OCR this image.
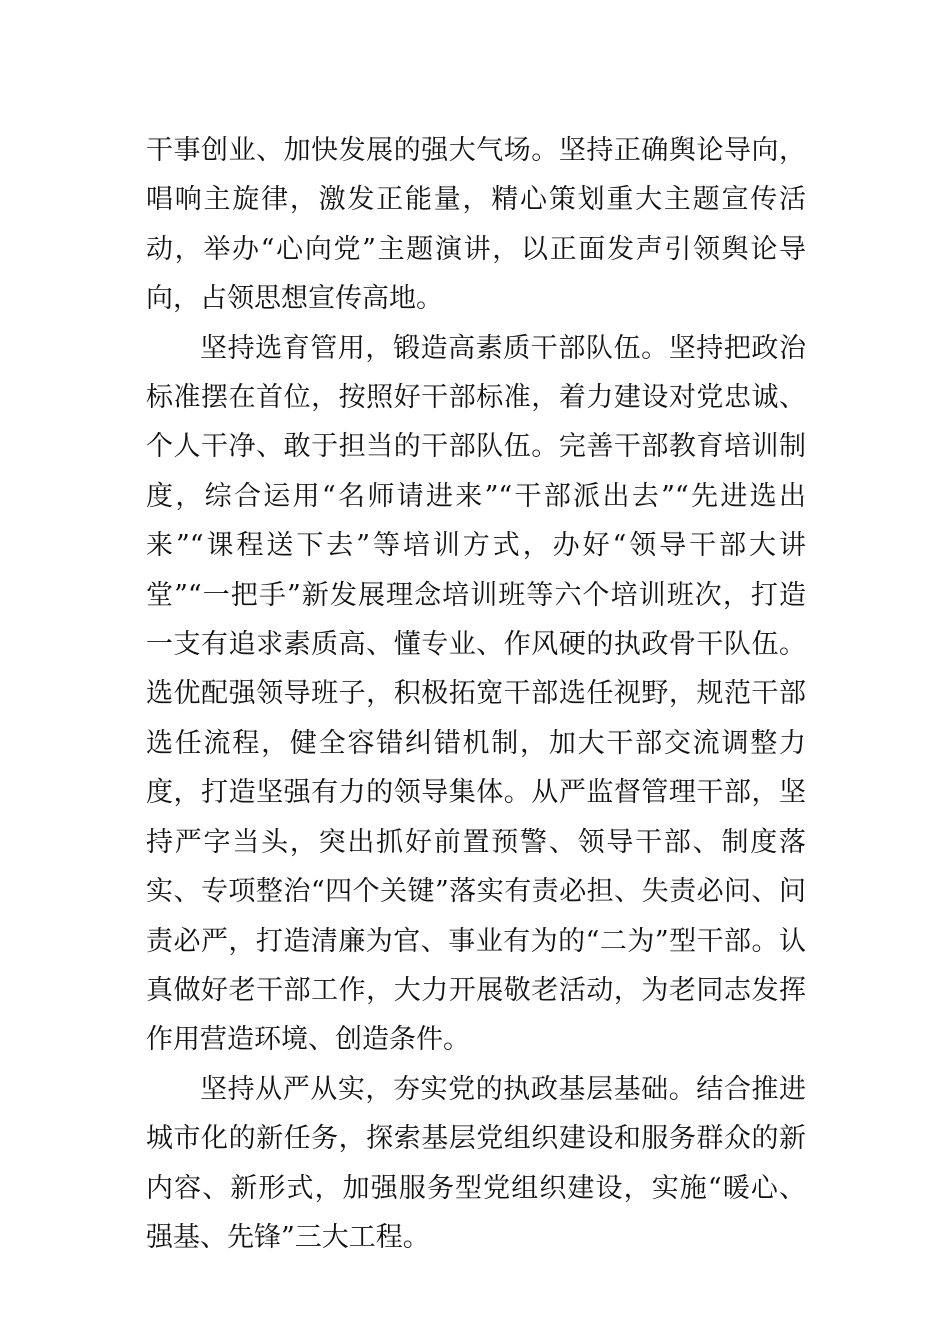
干事创业、加快发展的强大气场。坚持正确舆论导向，唱响主旋律，激发正能量，精心策划重大主题宣传活动，举办“心向党”主题演讲，以正面发声引领舆论导向，占领思想宣传高地。

坚持选育管用，锻造高素质干部队伍。坚持把政治标准摆在首位，按照好干部标准，着力建设对党忠诚、个人干净、敢于担当的干部队伍。完善干部教育培训制度，综合运用“名师请进来”“干部派出去”“先进选出来”“课程送下去”等培训方式，办好“领导干部大讲堂”“一把手”新发展理念培训班等六个培训班次，打造一支有追求素质高、懂专业、作风硬的执政骨干队伍。选优配强领导班子，积极拓宽干部选任视野，规范干部选任流程，健全容错纠错机制，加大干部交流调整力度，打造坚强有力的领导集体。从严监督管理干部，坚持严字当头，突出抓好前置预警、领导干部、制度落实、专项整治“四个关键”落实有责必担、失责必问、问责必严，打造清廉为官、事业有为的“二为”型干部。认真做好老干部工作，大力开展敬老活动，为老同志发挥作用营造环境、创造条件。

坚持从严从实，夯实党的执政基层基础。结合推进城市化的新任务，探索基层党组织建设和服务群众的新内容、新形式，加强服务型党组织建设，实施“暖心、强基、先锋”三大工程。
